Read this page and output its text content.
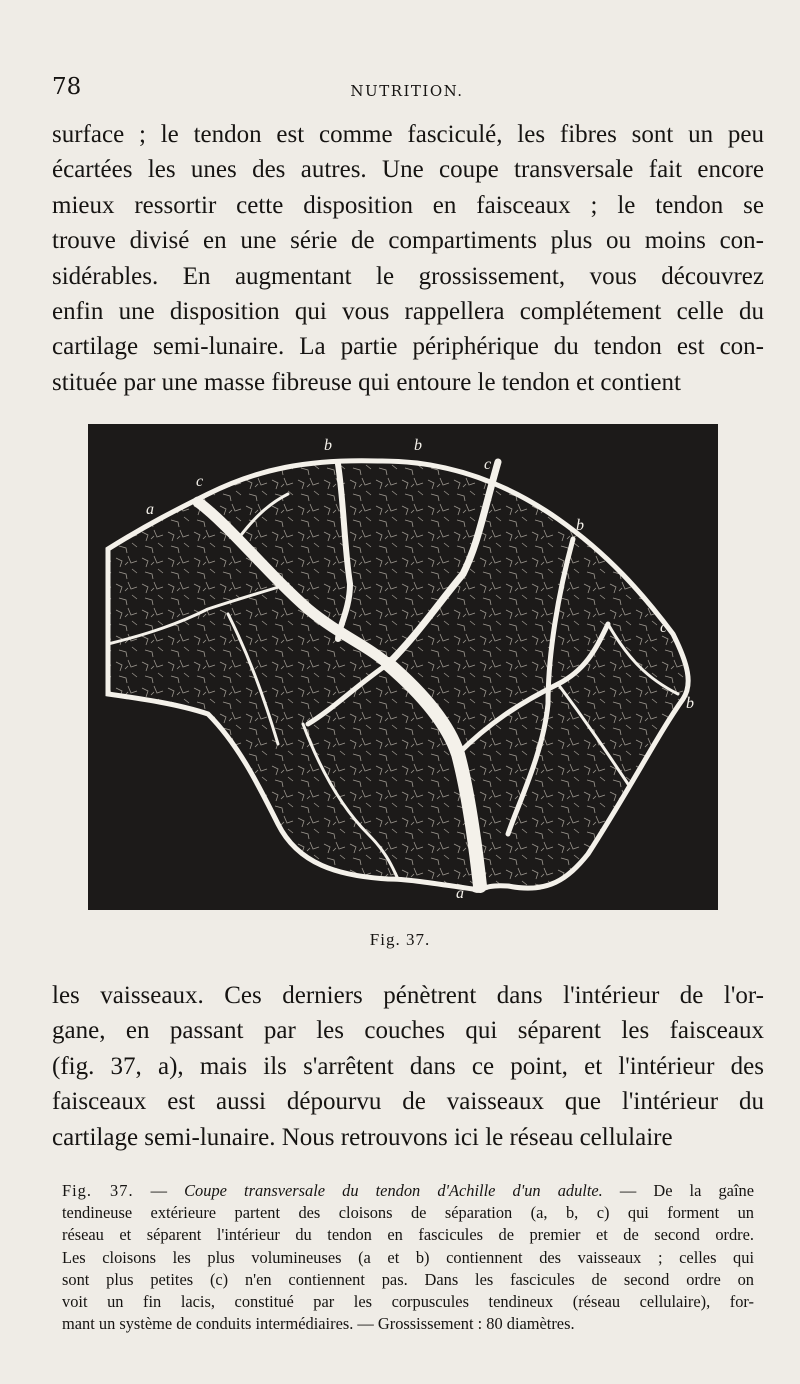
78	NUTRITION.

surface ; le tendon est comme fasciculé, les fibres sont un peu
écartées les unes des autres. Une coupe transversale fait encore
mieux ressortir cette disposition en faisceaux ; le tendon se
trouve divisé en une série de compartiments plus ou moins con-
sidérables. En augmentant le grossissement, vous découvrez
enfin une disposition qui vous rappellera complétement celle du
cartilage semi-lunaire. La partie périphérique du tendon est con-
stituée par une masse fibreuse qui entoure le tendon et contient

b	b
c
c
a
b
c
b
a
Fig. 37.

les vaisseaux. Ces derniers pénètrent dans l'intérieur de l'or-
gane, en passant par les couches qui séparent les faisceaux
(fig. 37, a), mais ils s'arrêtent dans ce point, et l'intérieur des
faisceaux est aussi dépourvu de vaisseaux que l'intérieur du
cartilage semi-lunaire. Nous retrouvons ici le réseau cellulaire

Fig. 37. — Coupe transversale du tendon d'Achille d'un adulte. — De la gaîne
tendineuse extérieure partent des cloisons de séparation (a, b, c) qui forment un
réseau et séparent l'intérieur du tendon en fascicules de premier et de second ordre.
Les cloisons les plus volumineuses (a et b) contiennent des vaisseaux ; celles qui
sont plus petites (c) n'en contiennent pas. Dans les fascicules de second ordre on
voit un fin lacis, constitué par les corpuscules tendineux (réseau cellulaire), for-
mant un système de conduits intermédiaires. — Grossissement : 80 diamètres.
